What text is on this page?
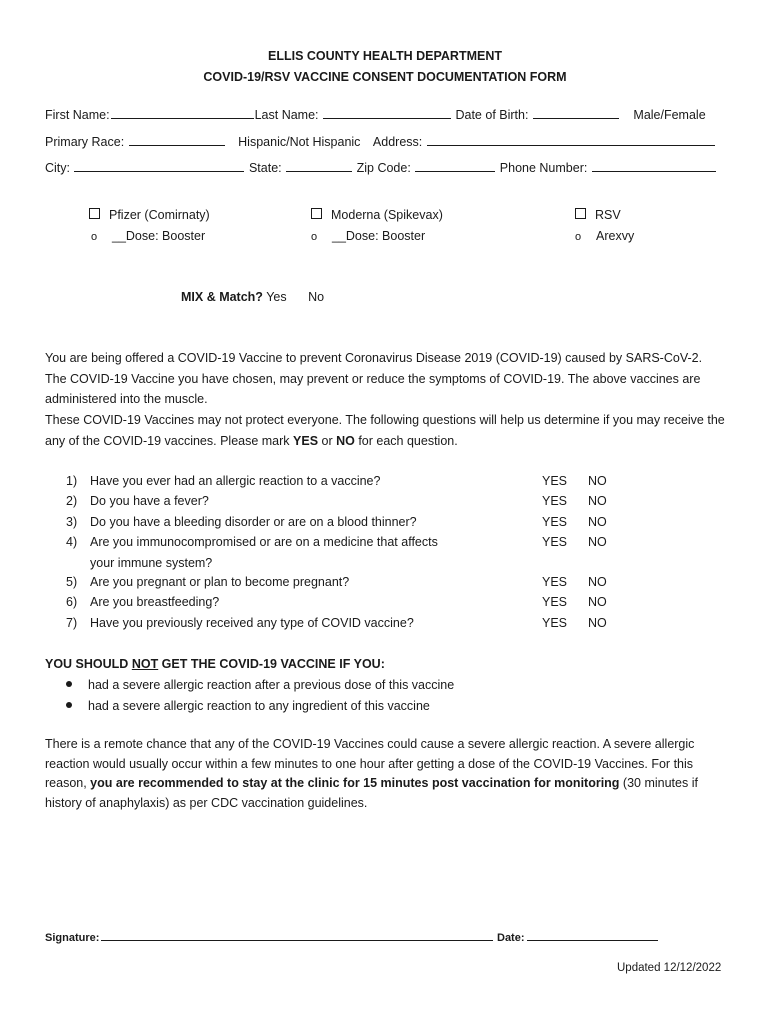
ELLIS COUNTY HEALTH DEPARTMENT
COVID-19/RSV VACCINE CONSENT DOCUMENTATION FORM
First Name:	Last Name:	Date of Birth:	Male/Female
Primary Race:	Hispanic/Not Hispanic Address:
City:	State:	Zip Code:	Phone Number:
Pfizer (Comirnaty)
o __Dose: Booster
Moderna (Spikevax)
o __Dose: Booster
RSV
o Arexvy
MIX & Match? Yes No
You are being offered a COVID-19 Vaccine to prevent Coronavirus Disease 2019 (COVID-19) caused by SARS-CoV-2. The COVID-19 Vaccine you have chosen, may prevent or reduce the symptoms of COVID-19. The above vaccines are administered into the muscle.
These COVID-19 Vaccines may not protect everyone. The following questions will help us determine if you may receive the any of the COVID-19 vaccines. Please mark YES or NO for each question.
1) Have you ever had an allergic reaction to a vaccine?	YES NO
2) Do you have a fever?	YES NO
3) Do you have a bleeding disorder or are on a blood thinner?	YES NO
4) Are you immunocompromised or are on a medicine that affects
your immune system?
YES NO
5) Are you pregnant or plan to become pregnant?	YES NO
6) Are you breastfeeding?	YES NO
7) Have you previously received any type of COVID vaccine?	YES NO
YOU SHOULD NOT GET THE COVID-19 VACCINE IF YOU:
had a severe allergic reaction after a previous dose of this vaccine
had a severe allergic reaction to any ingredient of this vaccine
There is a remote chance that any of the COVID-19 Vaccines could cause a severe allergic reaction. A severe allergic reaction would usually occur within a few minutes to one hour after getting a dose of the COVID-19 Vaccines. For this reason, you are recommended to stay at the clinic for 15 minutes post vaccination for monitoring (30 minutes if history of anaphylaxis) as per CDC vaccination guidelines.
Signature:	Date:
Updated 12/12/2022
